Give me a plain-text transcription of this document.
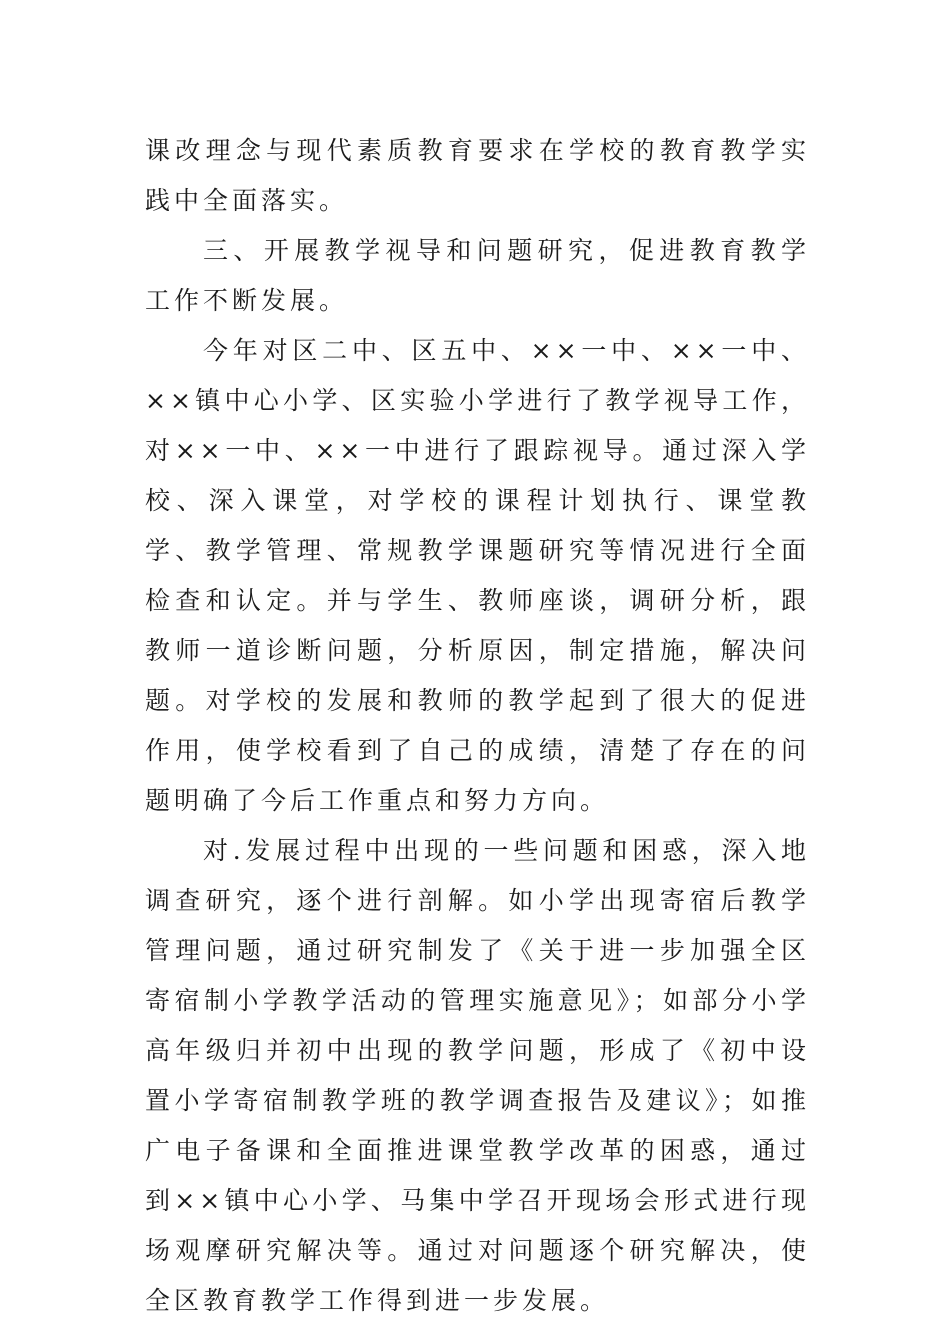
课改理念与现代素质教育要求在学校的教育教学实践中全面落实。

三、开展教学视导和问题研究，促进教育教学工作不断发展。

今年对区二中、区五中、××一中、××一中、××镇中心小学、区实验小学进行了教学视导工作，对××一中、××一中进行了跟踪视导。通过深入学校、深入课堂，对学校的课程计划执行、课堂教学、教学管理、常规教学课题研究等情况进行全面检查和认定。并与学生、教师座谈，调研分析，跟教师一道诊断问题，分析原因，制定措施，解决问题。对学校的发展和教师的教学起到了很大的促进作用，使学校看到了自己的成绩，清楚了存在的问题明确了今后工作重点和努力方向。

对.发展过程中出现的一些问题和困惑，深入地调查研究，逐个进行剖解。如小学出现寄宿后教学管理问题，通过研究制发了《关于进一步加强全区寄宿制小学教学活动的管理实施意见》；如部分小学高年级归并初中出现的教学问题，形成了《初中设置小学寄宿制教学班的教学调查报告及建议》；如推广电子备课和全面推进课堂教学改革的困惑，通过到××镇中心小学、马集中学召开现场会形式进行现场观摩研究解决等。通过对问题逐个研究解决，使全区教育教学工作得到进一步发展。
